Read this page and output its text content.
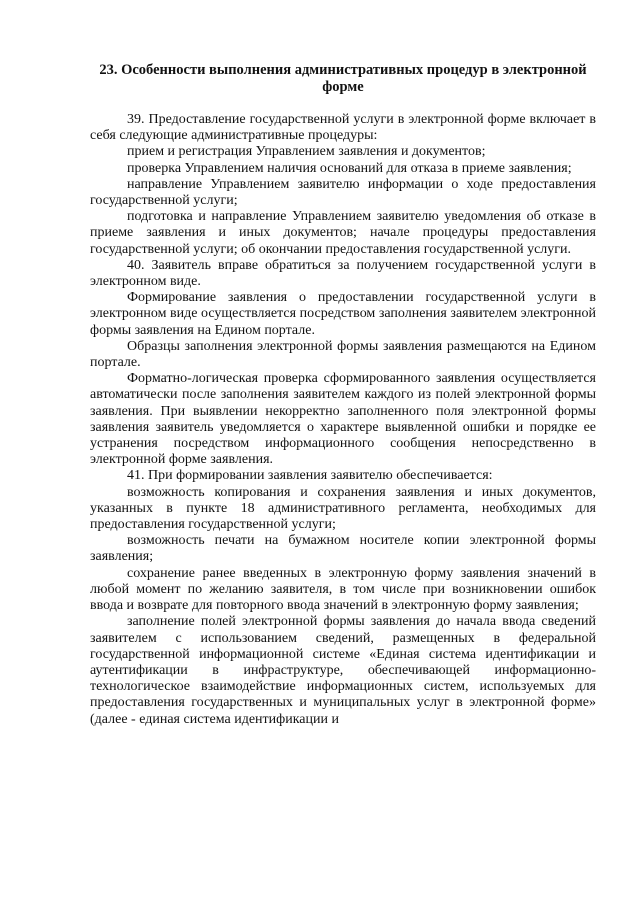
23. Особенности выполнения административных процедур в электронной форме

39. Предоставление государственной услуги в электронной форме включает в себя следующие административные процедуры:

прием и регистрация Управлением заявления и документов;

проверка Управлением наличия оснований для отказа в приеме заявления;

направление Управлением заявителю информации о ходе предоставления государственной услуги;

подготовка и направление Управлением заявителю уведомления об отказе в приеме заявления и иных документов; начале процедуры предоставления государственной услуги; об окончании предоставления государственной услуги.

40. Заявитель вправе обратиться за получением государственной услуги в электронном виде.

Формирование заявления о предоставлении государственной услуги в электронном виде осуществляется посредством заполнения заявителем электронной формы заявления на Едином портале.

Образцы заполнения электронной формы заявления размещаются на Едином портале.

Форматно-логическая проверка сформированного заявления осуществляется автоматически после заполнения заявителем каждого из полей электронной формы заявления. При выявлении некорректно заполненного поля электронной формы заявления заявитель уведомляется о характере выявленной ошибки и порядке ее устранения посредством информационного сообщения непосредственно в электронной форме заявления.

41. При формировании заявления заявителю обеспечивается:

возможность копирования и сохранения заявления и иных документов, указанных в пункте 18 административного регламента, необходимых для предоставления государственной услуги;

возможность печати на бумажном носителе копии электронной формы заявления;

сохранение ранее введенных в электронную форму заявления значений в любой момент по желанию заявителя, в том числе при возникновении ошибок ввода и возврате для повторного ввода значений в электронную форму заявления;

заполнение полей электронной формы заявления до начала ввода сведений заявителем с использованием сведений, размещенных в федеральной государственной информационной системе «Единая система идентификации и аутентификации в инфраструктуре, обеспечивающей информационно-технологическое взаимодействие информационных систем, используемых для предоставления государственных и муниципальных услуг в электронной форме» (далее - единая система идентификации и
